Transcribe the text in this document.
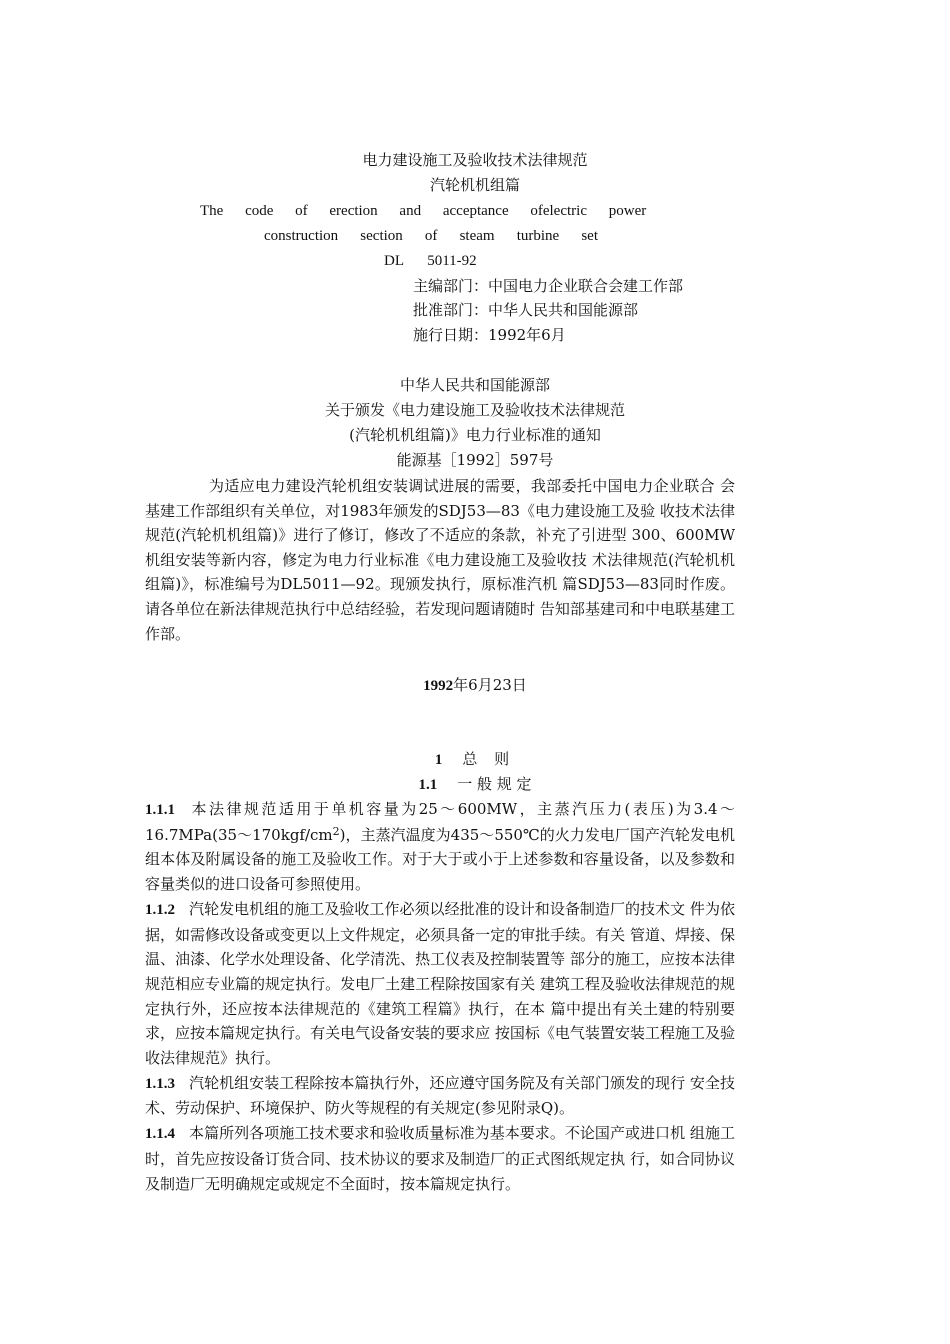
电力建设施工及验收技术法律规范
汽轮机机组篇
The code of erection and acceptance ofelectric power
construction section of steam turbine set
DL 5011-92
主编部门：中国电力企业联合会建工作部
批准部门：中华人民共和国能源部
施行日期：1992年6月
中华人民共和国能源部
关于颁发《电力建设施工及验收技术法律规范
(汽轮机机组篇)》电力行业标准的通知
能源基［1992］597号

为适应电力建设汽轮机组安装调试进展的需要，我部委托中国电力企业联合 会基建工作部组织有关单位，对1983年颁发的SDJ53—83《电力建设施工及验 收技术法律规范(汽轮机机组篇)》进行了修订，修改了不适应的条款，补充了引进型 300、600MW机组安装等新内容，修定为电力行业标准《电力建设施工及验收技 术法律规范(汽轮机机组篇)》，标准编号为DL5011—92。现颁发执行，原标准汽机 篇SDJ53—83同时作废。请各单位在新法律规范执行中总结经验，若发现问题请随时 告知部基建司和中电联基建工作部。

1992年6月23日
1 总 则
1.1 一 般 规 定

1.1.1 本法律规范适用于单机容量为25～600MW，主蒸汽压力(表压)为$3.4\sim 16.7MPa(35\sim 170kgf/cm^2)$，主蒸汽温度为435～550℃的火力发电厂国产汽轮发电机组本体及附属设备的施工及验收工作。对于大于或小于上述参数和容量设备，以及参数和容量类似的进口设备可参照使用。

1.1.2 汽轮发电机组的施工及验收工作必须以经批准的设计和设备制造厂的技术文 件为依据，如需修改设备或变更以上文件规定，必须具备一定的审批手续。有关 管道、焊接、保温、油漆、化学水处理设备、化学清洗、热工仪表及控制装置等 部分的施工，应按本法律规范相应专业篇的规定执行。发电厂土建工程除按国家有关 建筑工程及验收法律规范的规定执行外，还应按本法律规范的《建筑工程篇》执行，在本 篇中提出有关土建的特别要求，应按本篇规定执行。有关电气设备安装的要求应 按国标《电气装置安装工程施工及验收法律规范》执行。

1.1.3 汽轮机组安装工程除按本篇执行外，还应遵守国务院及有关部门颁发的现行 安全技术、劳动保护、环境保护、防火等规程的有关规定(参见附录Q)。

1.1.4 本篇所列各项施工技术要求和验收质量标准为基本要求。不论国产或进口机 组施工时，首先应按设备订货合同、技术协议的要求及制造厂的正式图纸规定执 行，如合同协议及制造厂无明确规定或规定不全面时，按本篇规定执行。
